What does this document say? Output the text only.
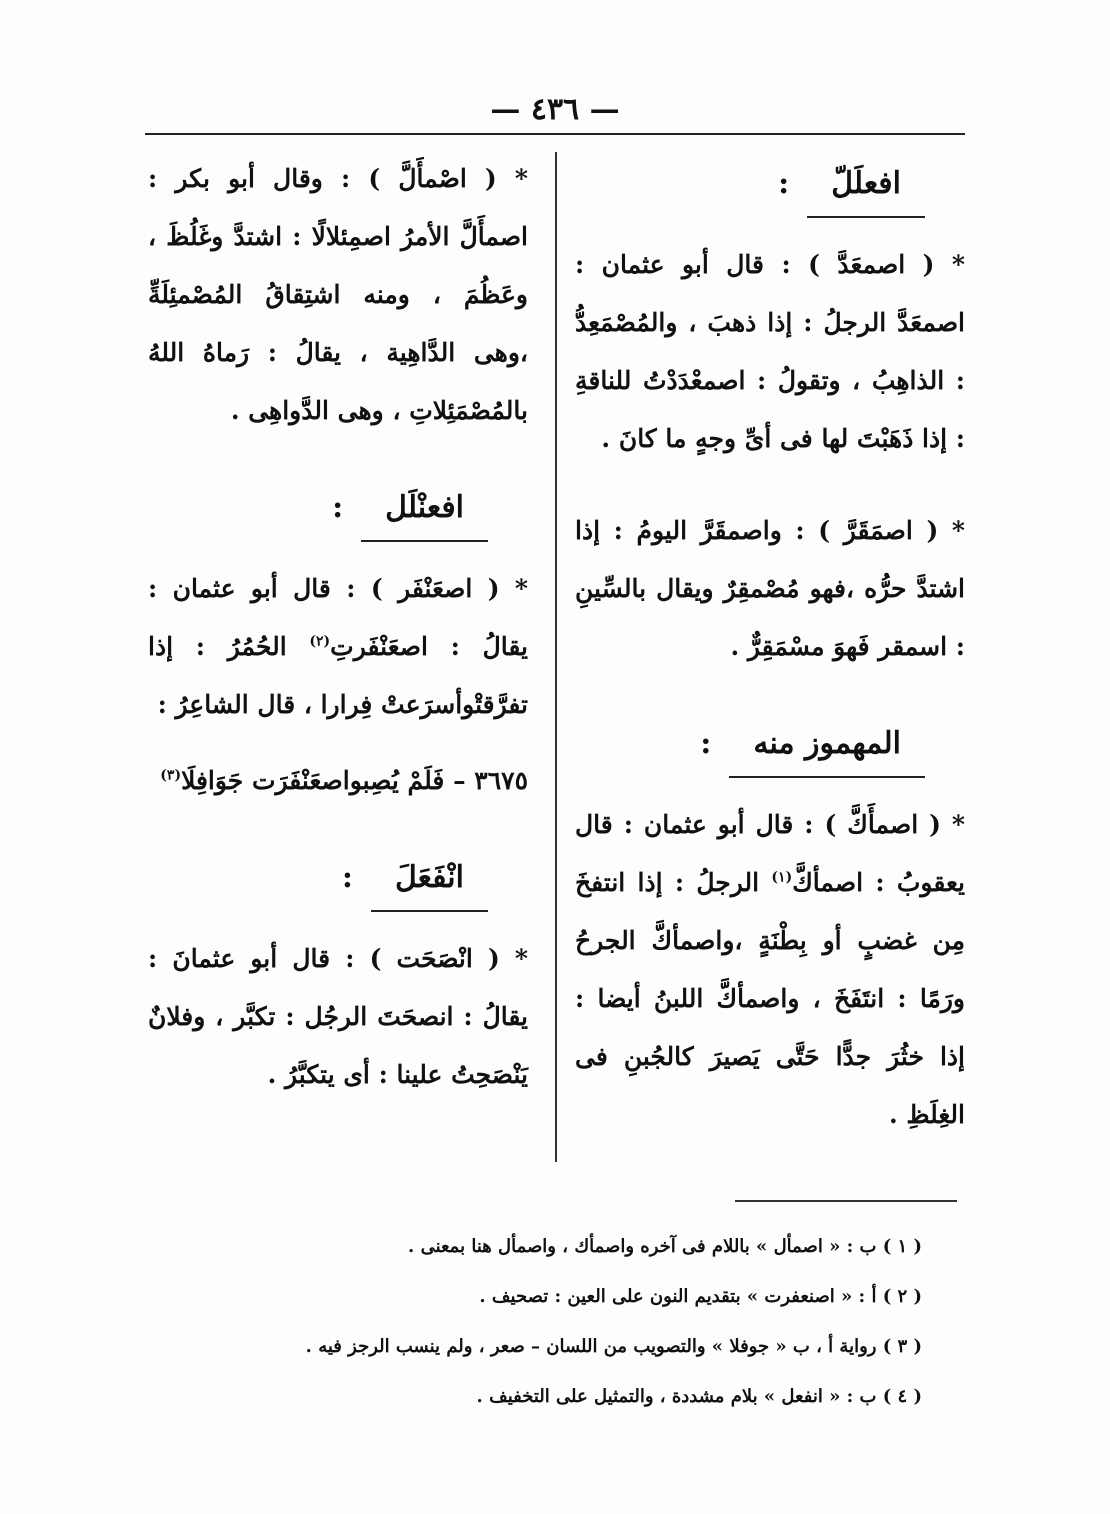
— ٤٣٦ —
افعلَلّ:

* ( اصمعَدَّ ) : قال أبو عثمان : اصمعَدَّ الرجلُ : إذا ذهبَ ، والمُصْمَعِدُّ : الذاهِبُ ، وتقولُ : اصمعْدَدْتُ للناقةِ : إذا ذَهَبْتَ لها فى أىِّ وجهٍ ما كانَ .

* ( اصمَقَرَّ ) : واصمقَرَّ اليومُ : إذا اشتدَّ حرُّه ،فهو مُصْمقِرٌ ويقال بالسِّينِ : اسمقر فَهوَ مسْمَقِرٌّ .

المهموز منه:

* ( اصمأَكَّ ) : قال أبو عثمان : قال يعقوبُ : اصمأكَّ$^{(١)}$ الرجلُ : إذا انتفخَ مِن غضبٍ أو بِطْنَةٍ ،واصمأكَّ الجرحُ ورَمًا : انتَفَخَ ، واصمأكَّ اللبنُ أيضا : إذا خثُرَ جدًّا حَتَّى يَصيرَ كالجُبنِ فى الغِلَظِ .

* ( اصْمأَلَّ ) : وقال أبو بكر : اصمأَلَّ الأمرُ اصمِئلالًا : اشتدَّ وغَلُظَ ، وعَظُمَ ، ومنه اشتِقاقُ المُصْمئِلَةِّ ،وهى الدَّاهِية ، يقالُ : رَماهُ اللهُ بالمُصْمَئِلاتِ ، وهى الدَّواهِى .

افعنْلَل:

* ( اصعَنْفَر ) : قال أبو عثمان : يقالُ : اصعَنْفَرتِ$^{(٢)}$ الحُمُرُ : إذا تفرَّقتْوأسرَعتْ فِرارا ، قال الشاعِرُ :

٣٦٧٥ – فَلَمْ يُصِبواصعَنْفَرَت جَوَافِلَا$^{(٣)}$

انْفَعَلَ:

* ( انْصَحَت ) : قال أبو عثمانَ : يقالُ : انصحَتَ الرجُل : تكبَّر ، وفلانٌ يَنْصَحِتُ علينا : أى يتكبَّرُ .

( ١ ) ب : « اصمأل » باللام فى آخره واصمأك ، واصمأل هنا بمعنى .

( ٢ ) أ : « اصنعفرت » بتقديم النون على العين : تصحيف .

( ٣ ) رواية أ ، ب « جوفلا » والتصويب من اللسان – صعر ، ولم ينسب الرجز فيه .

( ٤ ) ب : « انفعل » بلام مشددة ، والتمثيل على التخفيف .
